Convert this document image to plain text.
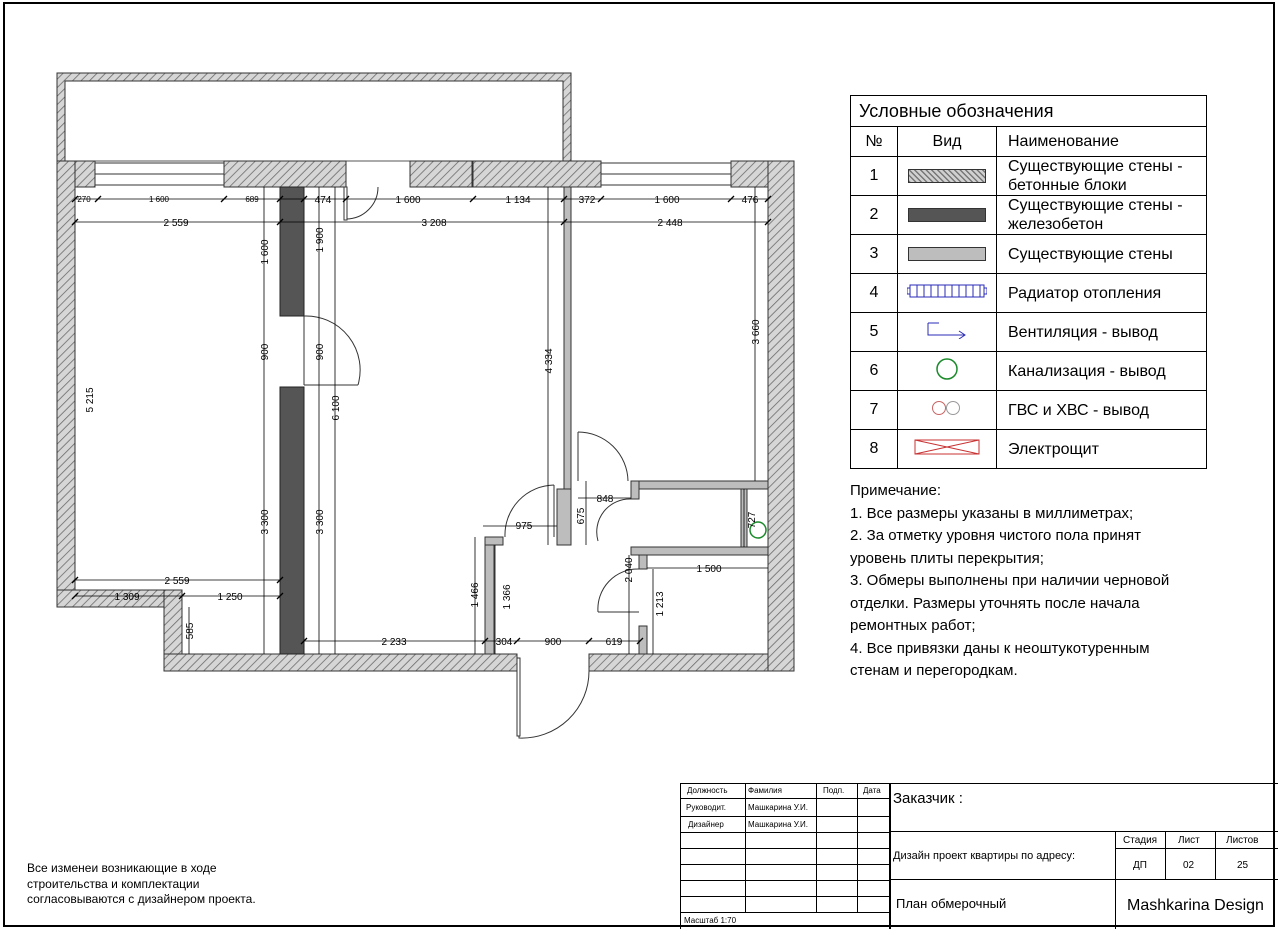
270	1 600	689	474	1 600	1 134	372	1 600	476
2 559	3 208	2 448
5 215
1 600	1 900
900	900
3 300	3 300
6 100
4 334
3 660
2 559
1 309	1 250
585
2 233	304	900	619
975
675
848
727
2 040	1 500
1 466 1 366	1 213
Условные обозначения		
№	Вид	Наименование
1		Существующие стены - бетонные блоки
2		Существующие стены - железобетон
3		Существующие стены
4		Радиатор отопления
5		Вентиляция - вывод
6		Канализация - вывод
7		ГВС и ХВС - вывод
8		Электрощит
Примечание:
1. Все размеры указаны в миллиметрах;
2. За отметку уровня чистого пола принят
уровень плиты перекрытия;
3. Обмеры выполнены при наличии черновой
отделки. Размеры уточнять после начала
ремонтных работ;
4. Все привязки даны к неоштукотуренным
стенам и перегородкам.
Все изменеи возникающие в ходе
строительства и комплектации
согласовываются с дизайнером проекта.
Должность	Фамилия	Подп. Дата
Руководит.	Машкарина У.И.
Дизайнер	Машкарина У.И.
Масштаб 1:70
Заказчик :
Дизайн проект квартиры по адресу:
Стадия Лист	Листов
ДП	02	25
План обмерочный	Mashkarina Design
